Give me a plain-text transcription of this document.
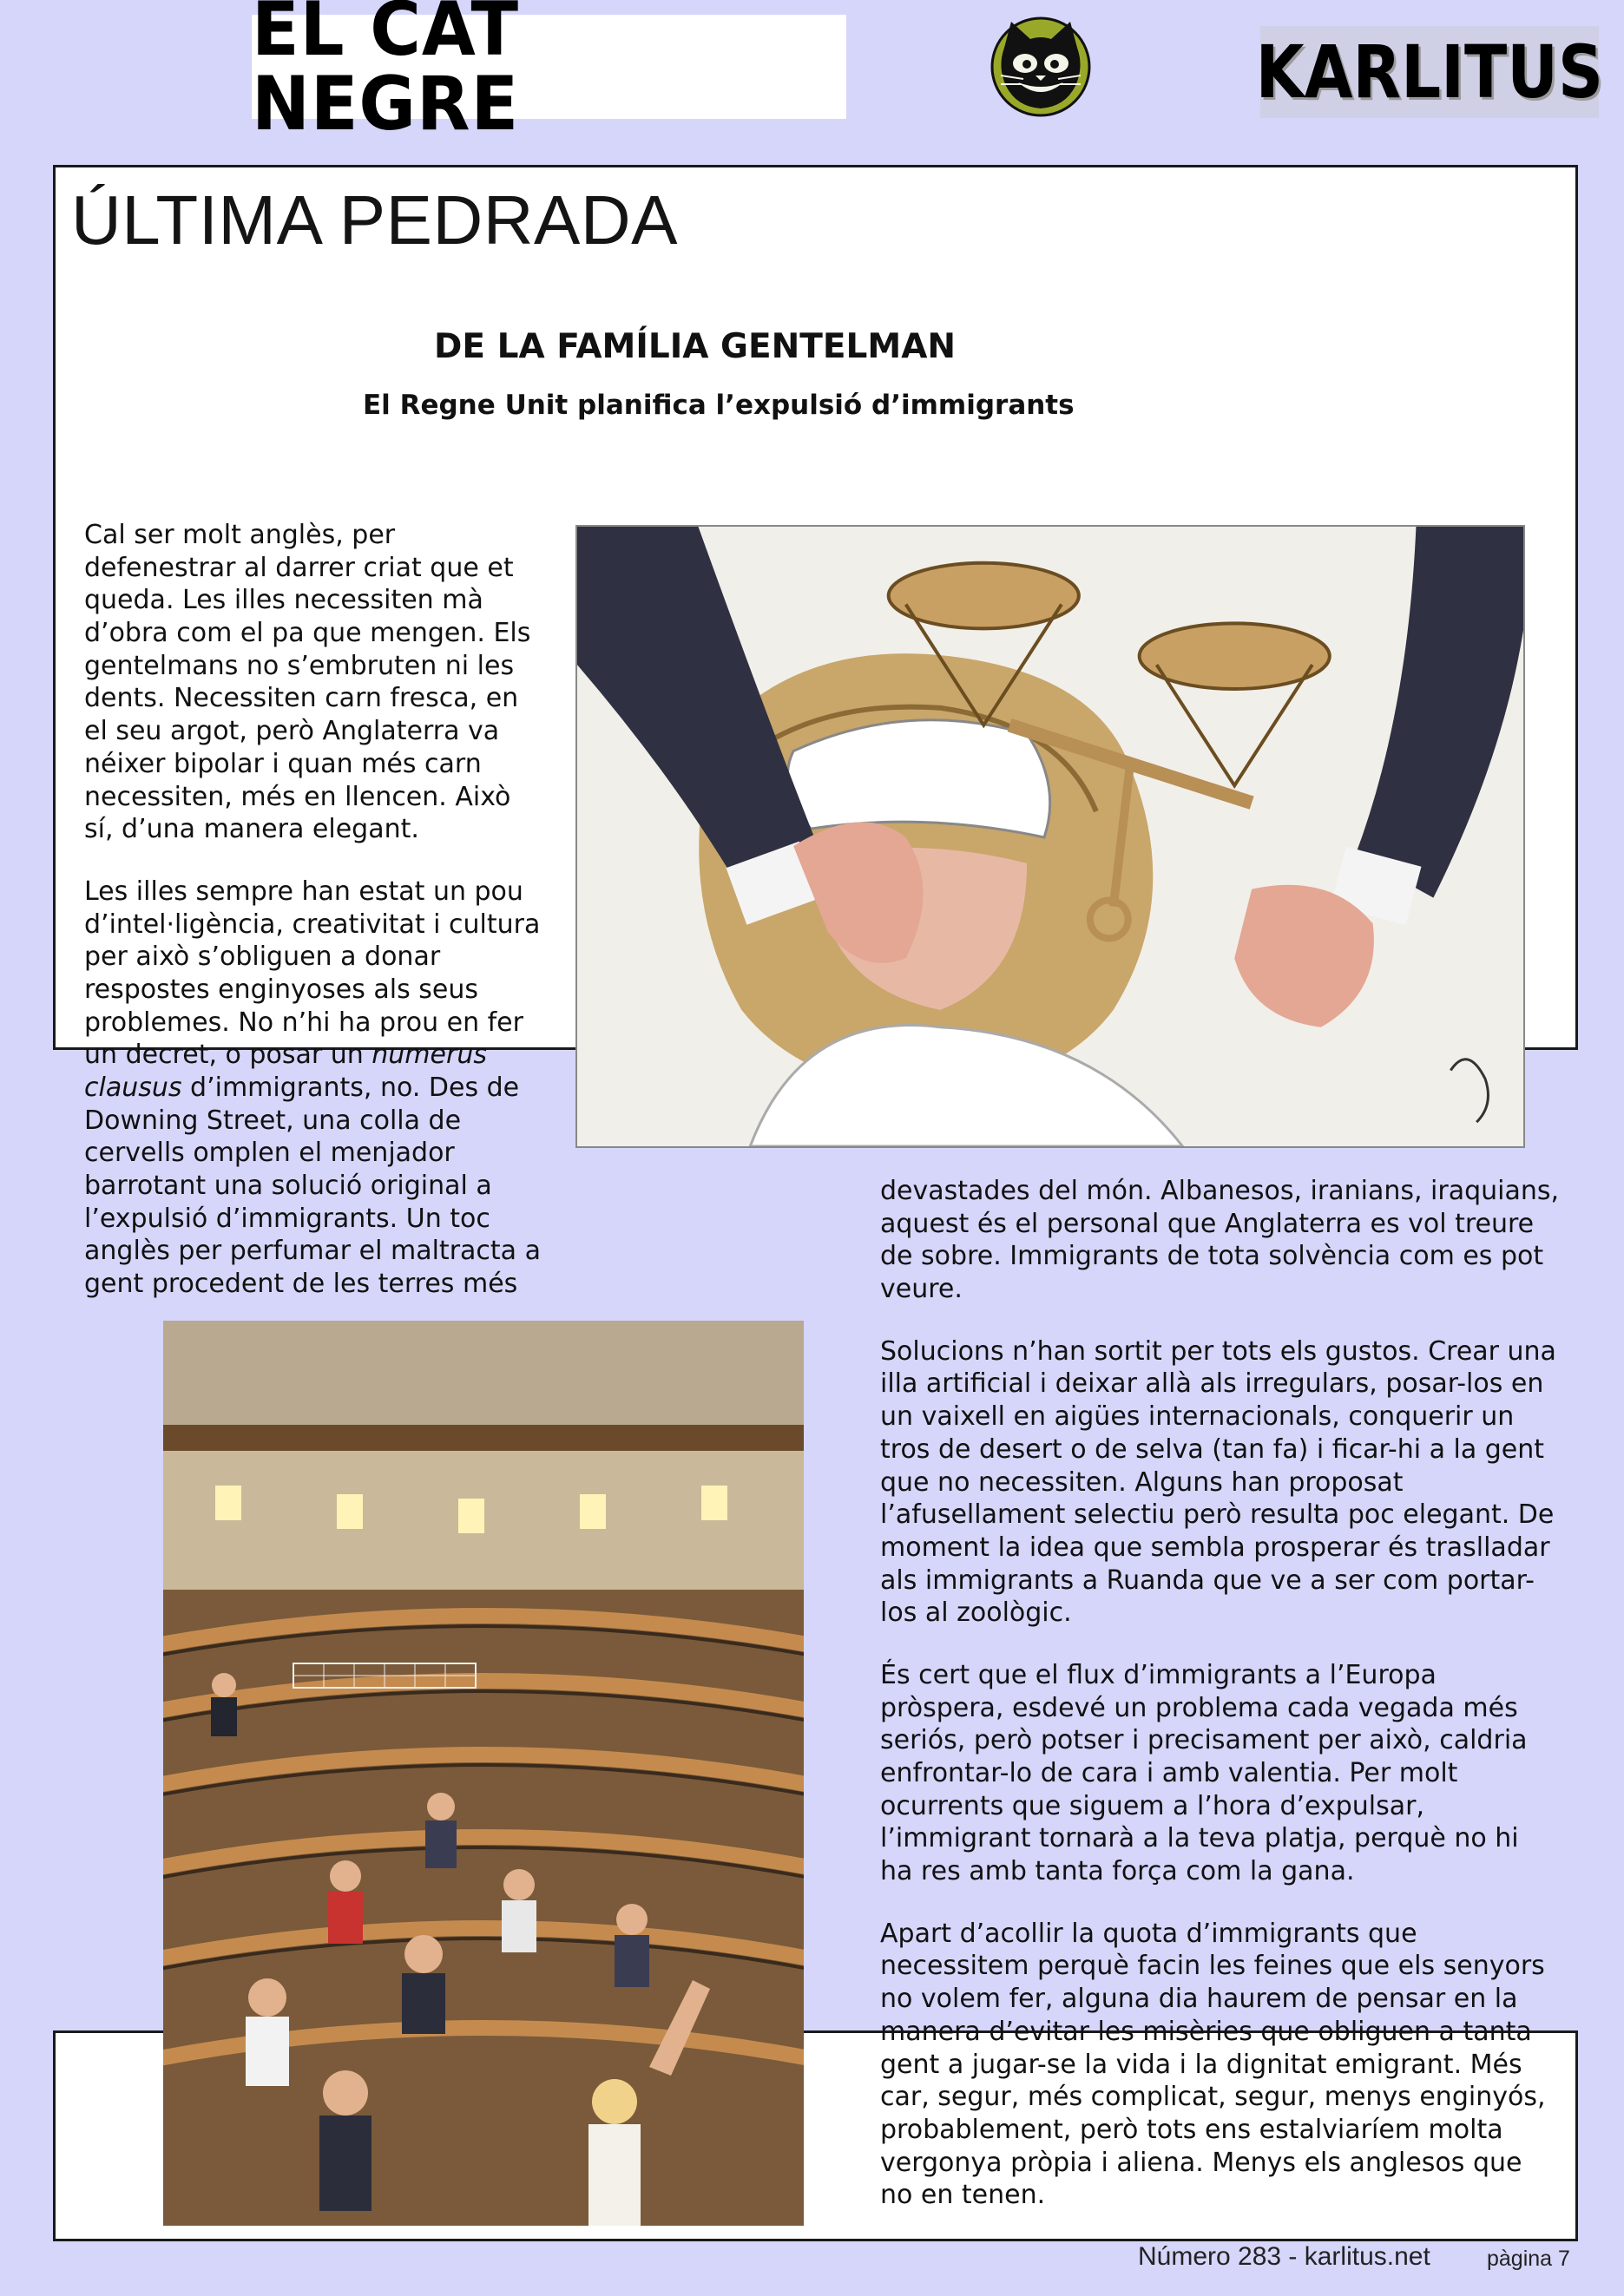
EL CAT NEGRE	KARLITUS
ÚLTIMA PEDRADA
DE LA FAMÍLIA GENTELMAN
El Regne Unit planifica l’expulsió d’immigrants
Cal ser molt anglès, per
defenestrar al darrer criat que et
queda. Les illes necessiten mà
d’obra com el pa que mengen. Els
gentelmans no s’embruten ni les
dents. Necessiten carn fresca, en
el seu argot, però Anglaterra va
néixer bipolar i quan més carn
necessiten, més en llencen. Això
sí, d’una manera elegant.
Les illes sempre han estat un pou
d’intel·ligència, creativitat i cultura
per això s’obliguen a donar
respostes enginyoses als seus
problemes. No n’hi ha prou en fer
un decret, o posar un numerus
clausus d’immigrants, no. Des de
Downing Street, una colla de
cervells omplen el menjador
barrotant una solució original a
l’expulsió d’immigrants. Un toc
anglès per perfumar el maltracta a
gent procedent de les terres més
devastades del món. Albanesos, iranians, iraquians,
aquest és el personal que Anglaterra es vol treure
de sobre. Immigrants de tota solvència com es pot
veure.
Solucions n’han sortit per tots els gustos. Crear una
illa artificial i deixar allà als irregulars, posar-los en
un vaixell en aigües internacionals, conquerir un
tros de desert o de selva (tan fa) i ficar-hi a la gent
que no necessiten. Alguns han proposat
l’afusellament selectiu però resulta poc elegant. De
moment la idea que sembla prosperar és traslladar
als immigrants a Ruanda que ve a ser com portar-
los al zoològic.
És cert que el flux d’immigrants a l’Europa
pròspera, esdevé un problema cada vegada més
seriós, però potser i precisament per això, caldria
enfrontar-lo de cara i amb valentia. Per molt
ocurrents que siguem a l’hora d’expulsar,
l’immigrant tornarà a la teva platja, perquè no hi
ha res amb tanta força com la gana.
Apart d’acollir la quota d’immigrants que
necessitem perquè facin les feines que els senyors
no volem fer, alguna dia haurem de pensar en la
manera d’evitar les misèries que obliguen a tanta
gent a jugar-se la vida i la dignitat emigrant. Més
car, segur, més complicat, segur, menys enginyós,
probablement, però tots ens estalviaríem molta
vergonya pròpia i aliena. Menys els anglesos que
no en tenen.
Número 283 - karlitus.net	pàgina 7
